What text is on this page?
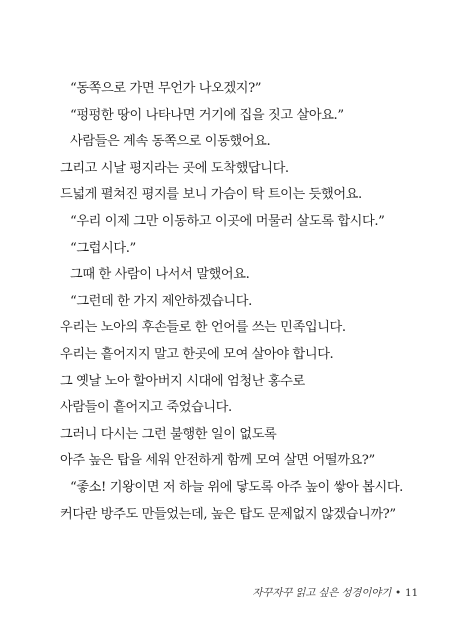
“동쪽으로 가면 무언가 나오겠지?”
“펑펑한 땅이 나타나면 거기에 집을 짓고 살아요.”
사람들은 계속 동쪽으로 이동했어요.
그리고 시날 평지라는 곳에 도착했답니다.
드넓게 펼쳐진 평지를 보니 가슴이 탁 트이는 듯했어요.
“우리 이제 그만 이동하고 이곳에 머물러 살도록 합시다.”
“그럽시다.”
그때 한 사람이 나서서 말했어요.
“그런데 한 가지 제안하겠습니다.
우리는 노아의 후손들로 한 언어를 쓰는 민족입니다.
우리는 흩어지지 말고 한곳에 모여 살아야 합니다.
그 옛날 노아 할아버지 시대에 엄청난 홍수로
사람들이 흩어지고 죽었습니다.
그러니 다시는 그런 불행한 일이 없도록
아주 높은 탑을 세워 안전하게 함께 모여 살면 어떨까요?”
“좋소! 기왕이면 저 하늘 위에 닿도록 아주 높이 쌓아 봅시다.
커다란 방주도 만들었는데, 높은 탑도 문제없지 않겠습니까?”
자꾸자꾸 읽고 싶은 성경이야기 • 11
